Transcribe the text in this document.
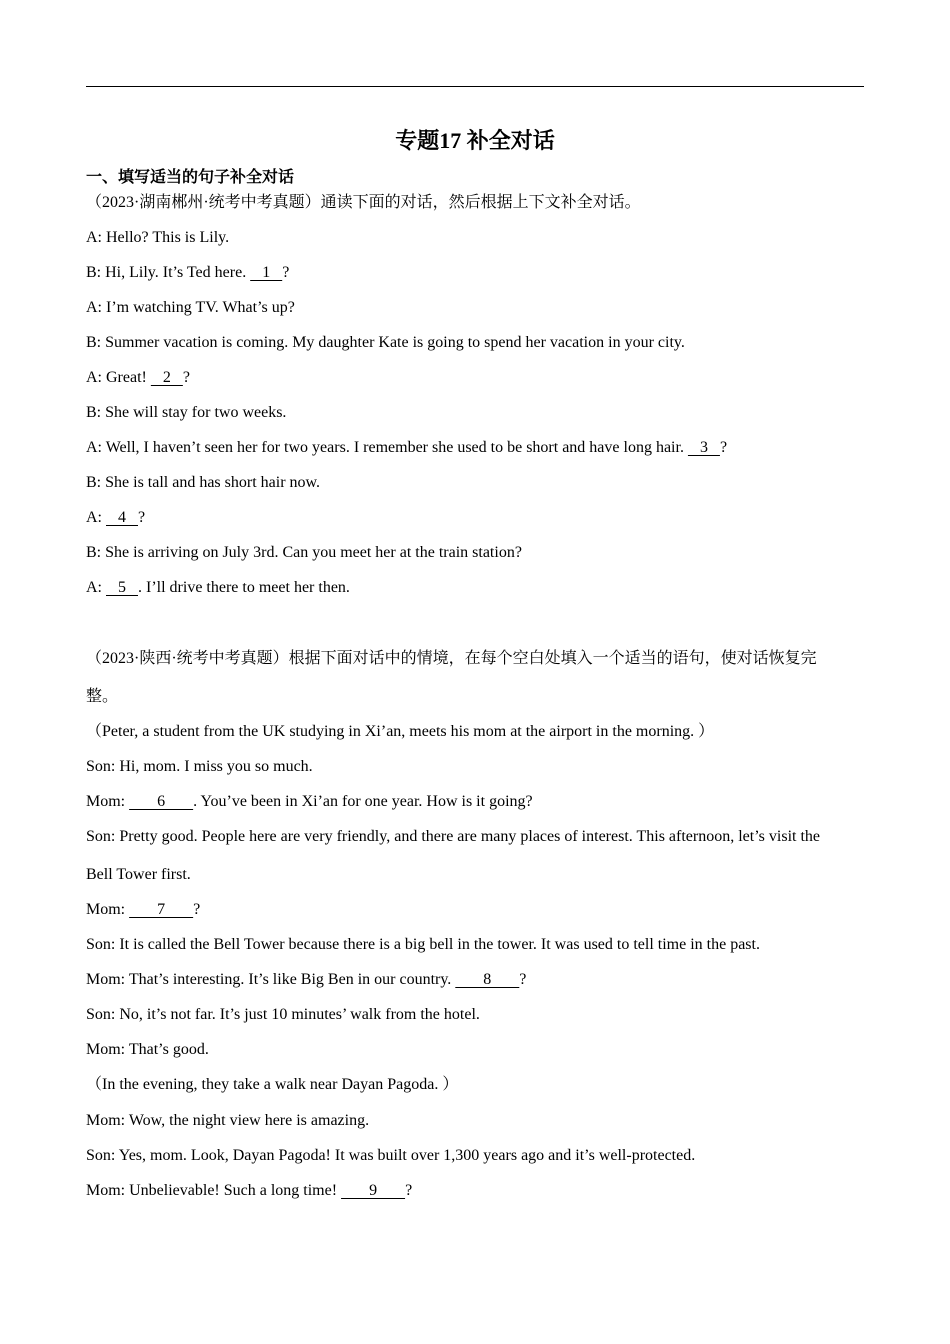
专题17 补全对话
一、填写适当的句子补全对话
（2023·湖南郴州·统考中考真题）通读下面的对话，然后根据上下文补全对话。
A: Hello? This is Lily.
B: Hi, Lily. It’s Ted here.    1   ?
A: I’m watching TV. What’s up?
B: Summer vacation is coming. My daughter Kate is going to spend her vacation in your city.
A: Great!    2   ?
B: She will stay for two weeks.
A: Well, I haven’t seen her for two years. I remember she used to be short and have long hair.    3   ?
B: She is tall and has short hair now.
A:    4   ?
B: She is arriving on July 3rd. Can you meet her at the train station?
A:    5   . I’ll drive there to meet her then.
（2023·陕西·统考中考真题）根据下面对话中的情境，在每个空白处填入一个适当的语句，使对话恢复完
整。
（Peter, a student from the UK studying in Xi’an, meets his mom at the airport in the morning. ）
Son: Hi, mom. I miss you so much.
Mom:        6       . You’ve been in Xi’an for one year. How is it going?
Son: Pretty good. People here are very friendly, and there are many places of interest. This afternoon, let’s visit the
Bell Tower first.
Mom:        7       ?
Son: It is called the Bell Tower because there is a big bell in the tower. It was used to tell time in the past.
Mom: That’s interesting. It’s like Big Ben in our country.        8       ?
Son: No, it’s not far. It’s just 10 minutes’ walk from the hotel.
Mom: That’s good.
（In the evening, they take a walk near Dayan Pagoda. ）
Mom: Wow, the night view here is amazing.
Son: Yes, mom. Look, Dayan Pagoda! It was built over 1,300 years ago and it’s well-protected.
Mom: Unbelievable! Such a long time!        9       ?
